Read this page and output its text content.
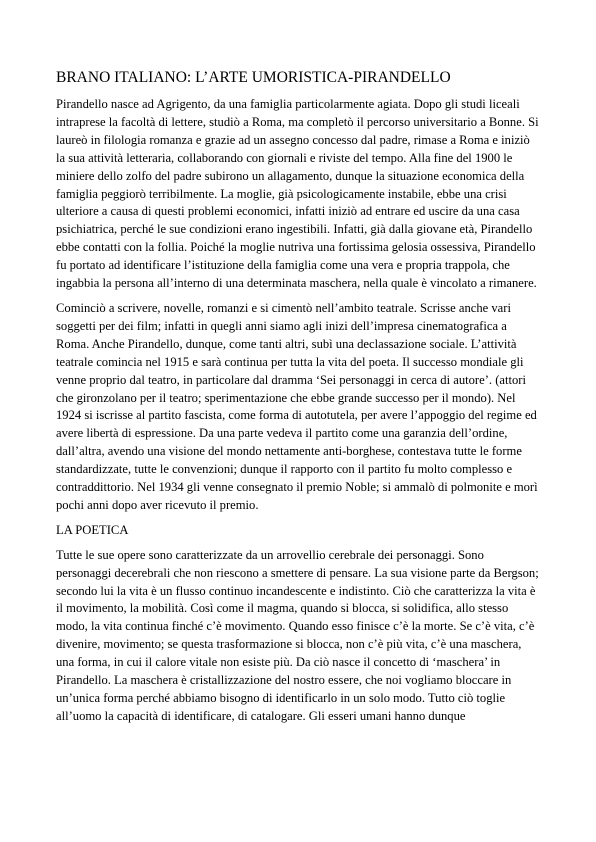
BRANO ITALIANO: L’ARTE UMORISTICA-PIRANDELLO

Pirandello nasce ad Agrigento, da una famiglia particolarmente agiata. Dopo gli studi liceali intraprese la facoltà di lettere, studiò a Roma, ma completò il percorso universitario a Bonne. Si laureò in filologia romanza e grazie ad un assegno concesso dal padre, rimase a Roma e iniziò la sua attività letteraria, collaborando con giornali e riviste del tempo. Alla fine del 1900 le miniere dello zolfo del padre subirono un allagamento, dunque la situazione economica della famiglia peggiorò terribilmente. La moglie, già psicologicamente instabile, ebbe una crisi ulteriore a causa di questi problemi economici, infatti iniziò ad entrare ed uscire da una casa psichiatrica, perché le sue condizioni erano ingestibili. Infatti, già dalla giovane età, Pirandello ebbe contatti con la follia. Poiché la moglie nutriva una fortissima gelosia ossessiva, Pirandello fu portato ad identificare l’istituzione della famiglia come una vera e propria trappola, che ingabbia la persona all’interno di una determinata maschera, nella quale è vincolato a rimanere.

Cominciò a scrivere, novelle, romanzi e si cimentò nell’ambito teatrale. Scrisse anche vari soggetti per dei film; infatti in quegli anni siamo agli inizi dell’impresa cinematografica a Roma. Anche Pirandello, dunque, come tanti altri, subì una declassazione sociale. L’attività teatrale comincia nel 1915 e sarà continua per tutta la vita del poeta. Il successo mondiale gli venne proprio dal teatro, in particolare dal dramma ‘Sei personaggi in cerca di autore’. (attori che gironzolano per il teatro; sperimentazione che ebbe grande successo per il mondo). Nel 1924 si iscrisse al partito fascista, come forma di autotutela, per avere l’appoggio del regime ed avere libertà di espressione. Da una parte vedeva il partito come una garanzia dell’ordine, dall’altra, avendo una visione del mondo nettamente anti-borghese, contestava tutte le forme standardizzate, tutte le convenzioni; dunque il rapporto con il partito fu molto complesso e contraddittorio. Nel 1934 gli venne consegnato il premio Noble; si ammalò di polmonite e morì pochi anni dopo aver ricevuto il premio.

LA POETICA

Tutte le sue opere sono caratterizzate da un arrovellio cerebrale dei personaggi. Sono personaggi decerebrali che non riescono a smettere di pensare. La sua visione parte da Bergson; secondo lui la vita è un flusso continuo incandescente e indistinto. Ciò che caratterizza la vita è il movimento, la mobilità. Così come il magma, quando si blocca, si solidifica, allo stesso modo, la vita continua finché c’è movimento. Quando esso finisce c’è la morte. Se c’è vita, c’è divenire, movimento; se questa trasformazione si blocca, non c’è più vita, c’è una maschera, una forma, in cui il calore vitale non esiste più. Da ciò nasce il concetto di ‘maschera’ in Pirandello. La maschera è cristallizzazione del nostro essere, che noi vogliamo bloccare in un’unica forma perché abbiamo bisogno di identificarlo in un solo modo. Tutto ciò toglie all’uomo la capacità di identificare, di catalogare. Gli esseri umani hanno dunque
